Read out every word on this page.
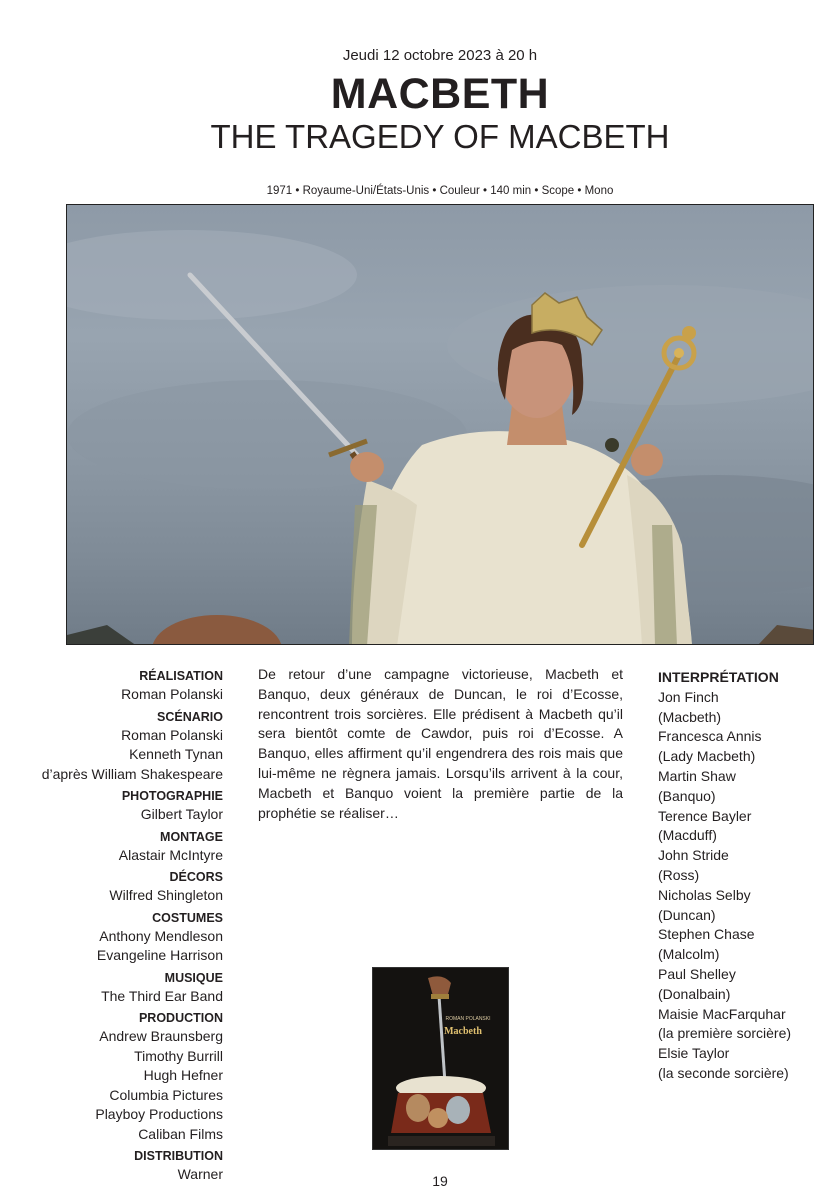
Jeudi 12 octobre 2023 à 20 h
MACBETH
THE TRAGEDY OF MACBETH
1971 • Royaume-Uni/États-Unis • Couleur • 140 min • Scope • Mono
RÉALISATION
Roman Polanski
SCÉNARIO
Roman Polanski
Kenneth Tynan
d’après William Shakespeare
PHOTOGRAPHIE
Gilbert Taylor
MONTAGE
Alastair McIntyre
DÉCORS
Wilfred Shingleton
COSTUMES
Anthony Mendleson
Evangeline Harrison
MUSIQUE
The Third Ear Band
PRODUCTION
Andrew Braunsberg
Timothy Burrill
Hugh Hefner
Columbia Pictures
Playboy Productions
Caliban Films
DISTRIBUTION
Warner
De retour d’une campagne victorieuse, Macbeth et Banquo, deux généraux de Duncan, le roi d’Ecosse, rencontrent trois sorcières. Elle prédisent à Macbeth qu’il sera bientôt comte de Cawdor, puis roi d’Ecosse. A Banquo, elles affirment qu’il engendrera des rois mais que lui-même ne règnera jamais. Lorsqu’ils arrivent à la cour, Macbeth et Banquo voient la première partie de la prophétie se réaliser…
INTERPRÉTATION
Jon Finch
(Macbeth)
Francesca Annis
(Lady Macbeth)
Martin Shaw
(Banquo)
Terence Bayler
(Macduff)
John Stride
(Ross)
Nicholas Selby
(Duncan)
Stephen Chase
(Malcolm)
Paul Shelley
(Donalbain)
Maisie MacFarquhar
(la première sorcière)
Elsie Taylor
(la seconde sorcière)
ROMAN POLANSKI
Macbeth
19
